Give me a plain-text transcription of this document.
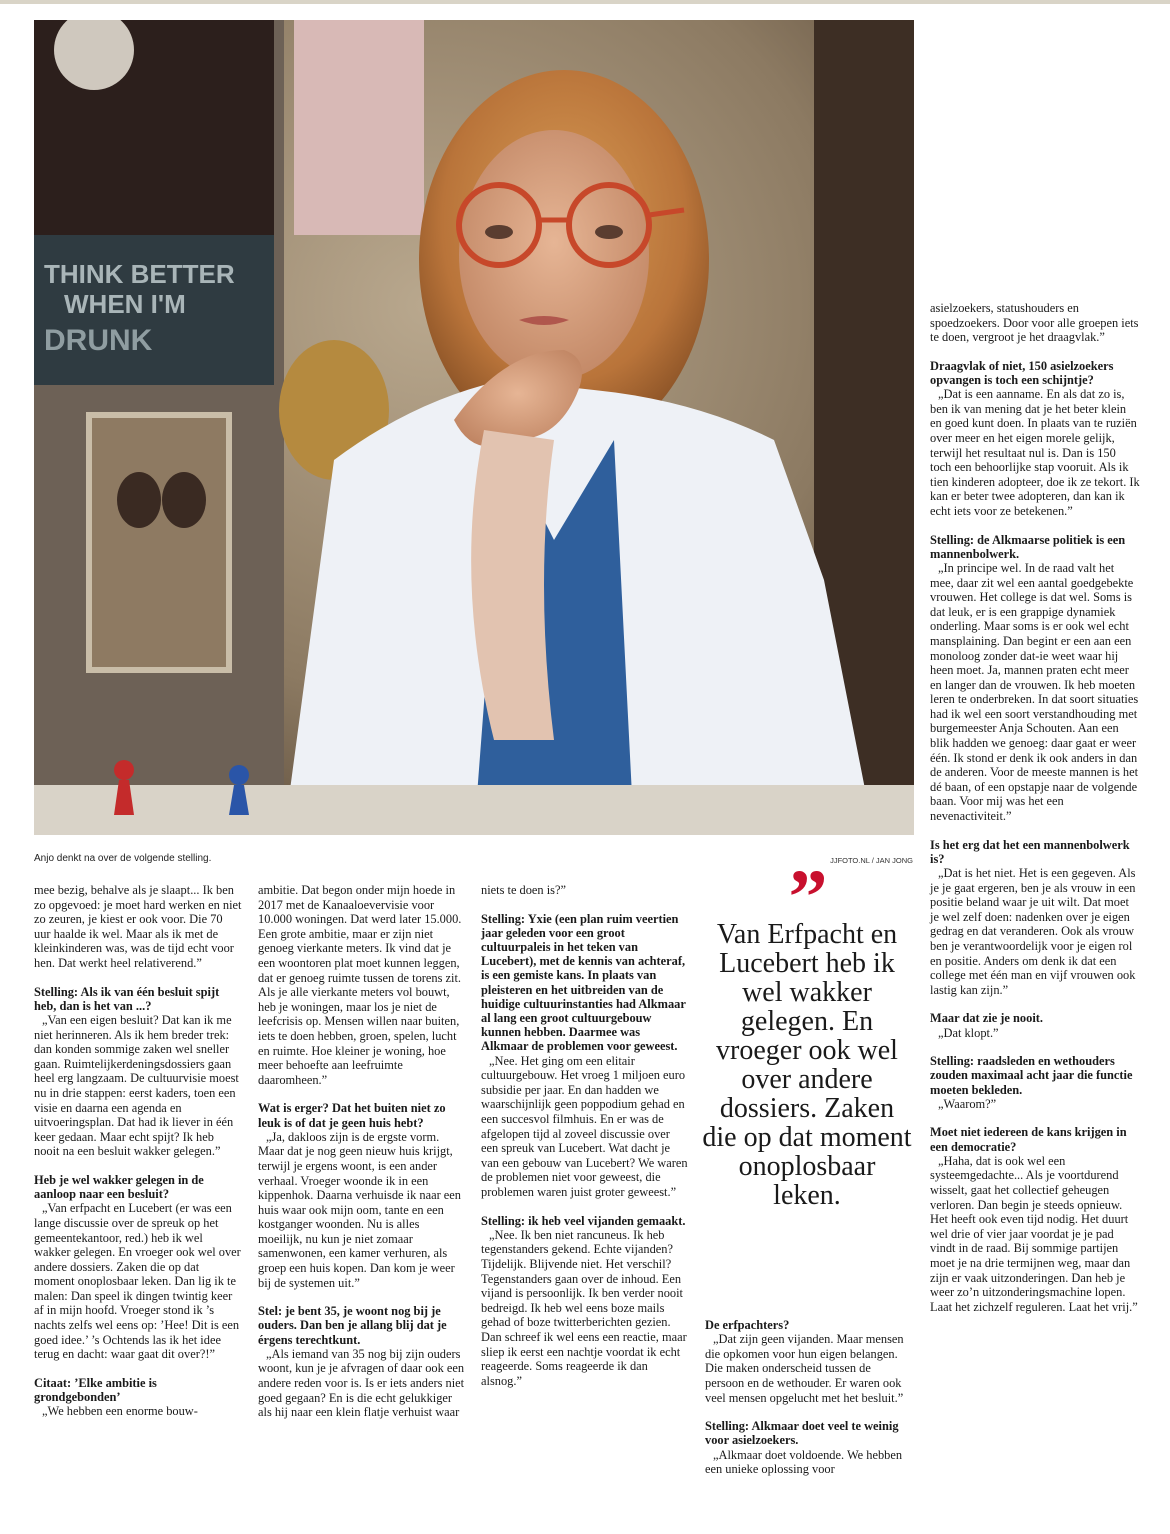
THINK BETTER
WHEN I'M
DRUNK
Anjo denkt na over de volgende stelling.	JJFOTO.NL / JAN JONG

mee bezig, behalve als je slaapt... Ik ben zo opgevoed: je moet hard werken en niet zo zeuren, je kiest er ook voor. Die 70 uur haalde ik wel. Maar als ik met de kleinkinderen was, was de tijd echt voor hen. Dat werkt heel relativerend.”

Stelling: Als ik van één besluit spijt heb, dan is het van ...?

„Van een eigen besluit? Dat kan ik me niet herinneren. Als ik hem breder trek: dan konden sommige zaken wel sneller gaan. Ruimtelijkerdeningsdossiers gaan heel erg langzaam. De cultuurvisie moest nu in drie stappen: eerst kaders, toen een visie en daarna een agenda en uitvoeringsplan. Dat had ik liever in één keer gedaan. Maar echt spijt? Ik heb nooit na een besluit wakker gelegen.”

Heb je wel wakker gelegen in de aanloop naar een besluit?

„Van erfpacht en Lucebert (er was een lange discussie over de spreuk op het gemeentekantoor, red.) heb ik wel wakker gelegen. En vroeger ook wel over andere dossiers. Zaken die op dat moment onoplosbaar leken. Dan lig ik te malen: Dan speel ik dingen twintig keer af in mijn hoofd. Vroeger stond ik ’s nachts zelfs wel eens op: ’Hee! Dit is een goed idee.’ ’s Ochtends las ik het idee terug en dacht: waar gaat dit over?!”

Citaat: ’Elke ambitie is grondgebonden’

„We hebben een enorme bouw-

ambitie. Dat begon onder mijn hoede in 2017 met de Kanaaloevervisie voor 10.000 woningen. Dat werd later 15.000. Een grote ambitie, maar er zijn niet genoeg vierkante meters. Ik vind dat je een woontoren plat moet kunnen leggen, dat er genoeg ruimte tussen de torens zit. Als je alle vierkante meters vol bouwt, heb je woningen, maar los je niet de leefcrisis op. Mensen willen naar buiten, iets te doen hebben, groen, spelen, lucht en ruimte. Hoe kleiner je woning, hoe meer behoefte aan leefruimte daaromheen.”

Wat is erger? Dat het buiten niet zo leuk is of dat je geen huis hebt?

„Ja, dakloos zijn is de ergste vorm. Maar dat je nog geen nieuw huis krijgt, terwijl je ergens woont, is een ander verhaal. Vroeger woonde ik in een kippenhok. Daarna verhuisde ik naar een huis waar ook mijn oom, tante en een kostganger woonden. Nu is alles moeilijk, nu kun je niet zomaar samenwonen, een kamer verhuren, als groep een huis kopen. Dan kom je weer bij de systemen uit.”

Stel: je bent 35, je woont nog bij je ouders. Dan ben je allang blij dat je érgens terechtkunt.

„Als iemand van 35 nog bij zijn ouders woont, kun je je afvragen of daar ook een andere reden voor is. Is er iets anders niet goed gegaan? En is die echt gelukkiger als hij naar een klein flatje verhuist waar

niets te doen is?”

Stelling: Yxie (een plan ruim veertien jaar geleden voor een groot cultuurpaleis in het teken van Lucebert), met de kennis van achteraf, is een gemiste kans. In plaats van pleisteren en het uitbreiden van de huidige cultuurinstanties had Alkmaar al lang een groot cultuurgebouw kunnen hebben. Daarmee was Alkmaar de problemen voor geweest.

„Nee. Het ging om een elitair cultuurgebouw. Het vroeg 1 miljoen euro subsidie per jaar. En dan hadden we waarschijnlijk geen poppodium gehad en een succesvol filmhuis. En er was de afgelopen tijd al zoveel discussie over een spreuk van Lucebert. Wat dacht je van een gebouw van Lucebert? We waren de problemen niet voor geweest, die problemen waren juist groter geweest.”

Stelling: ik heb veel vijanden gemaakt.

„Nee. Ik ben niet rancuneus. Ik heb tegenstanders gekend. Echte vijanden? Tijdelijk. Blijvende niet. Het verschil? Tegenstanders gaan over de inhoud. Een vijand is persoonlijk. Ik ben verder nooit bedreigd. Ik heb wel eens boze mails gehad of boze twitterberichten gezien. Dan schreef ik wel eens een reactie, maar sliep ik eerst een nachtje voordat ik echt reageerde. Soms reageerde ik dan alsnog.”

”
Van Erfpacht en Lucebert heb ik wel wakker gelegen. En vroeger ook wel over andere dossiers. Zaken die op dat moment onoplosbaar leken.
De erfpachters?

„Dat zijn geen vijanden. Maar mensen die opkomen voor hun eigen belangen. Die maken onderscheid tussen de persoon en de wethouder. Er waren ook veel mensen opgelucht met het besluit.”

Stelling: Alkmaar doet veel te weinig voor asielzoekers.

„Alkmaar doet voldoende. We hebben een unieke oplossing voor

asielzoekers, statushouders en spoedzoekers. Door voor alle groepen iets te doen, vergroot je het draagvlak.”

Draagvlak of niet, 150 asielzoekers opvangen is toch een schijntje?

„Dat is een aanname. En als dat zo is, ben ik van mening dat je het beter klein en goed kunt doen. In plaats van te ruziën over meer en het eigen morele gelijk, terwijl het resultaat nul is. Dan is 150 toch een behoorlijke stap vooruit. Als ik tien kinderen adopteer, doe ik ze tekort. Ik kan er beter twee adopteren, dan kan ik echt iets voor ze betekenen.”

Stelling: de Alkmaarse politiek is een mannenbolwerk.

„In principe wel. In de raad valt het mee, daar zit wel een aantal goedgebekte vrouwen. Het college is dat wel. Soms is dat leuk, er is een grappige dynamiek onderling. Maar soms is er ook wel echt mansplaining. Dan begint er een aan een monoloog zonder dat-ie weet waar hij heen moet. Ja, mannen praten echt meer en langer dan de vrouwen. Ik heb moeten leren te onderbreken. In dat soort situaties had ik wel een soort verstandhouding met burgemeester Anja Schouten. Aan een blik hadden we genoeg: daar gaat er weer één. Ik stond er denk ik ook anders in dan de anderen. Voor de meeste mannen is het dé baan, of een opstapje naar de volgende baan. Voor mij was het een nevenactiviteit.”

Is het erg dat het een mannenbolwerk is?

„Dat is het niet. Het is een gegeven. Als je je gaat ergeren, ben je als vrouw in een positie beland waar je uit wilt. Dat moet je wel zelf doen: nadenken over je eigen gedrag en dat veranderen. Ook als vrouw ben je verantwoordelijk voor je eigen rol en positie. Anders om denk ik dat een college met één man en vijf vrouwen ook lastig kan zijn.”

Maar dat zie je nooit.

„Dat klopt.”

Stelling: raadsleden en wethouders zouden maximaal acht jaar die functie moeten bekleden.

„Waarom?”

Moet niet iedereen de kans krijgen in een democratie?

„Haha, dat is ook wel een systeemgedachte... Als je voortdurend wisselt, gaat het collectief geheugen verloren. Dan begin je steeds opnieuw. Het heeft ook even tijd nodig. Het duurt wel drie of vier jaar voordat je je pad vindt in de raad. Bij sommige partijen moet je na drie termijnen weg, maar dan zijn er vaak uitzonderingen. Dan heb je weer zo’n uitzonderingsmachine lopen. Laat het zichzelf reguleren. Laat het vrij.”
